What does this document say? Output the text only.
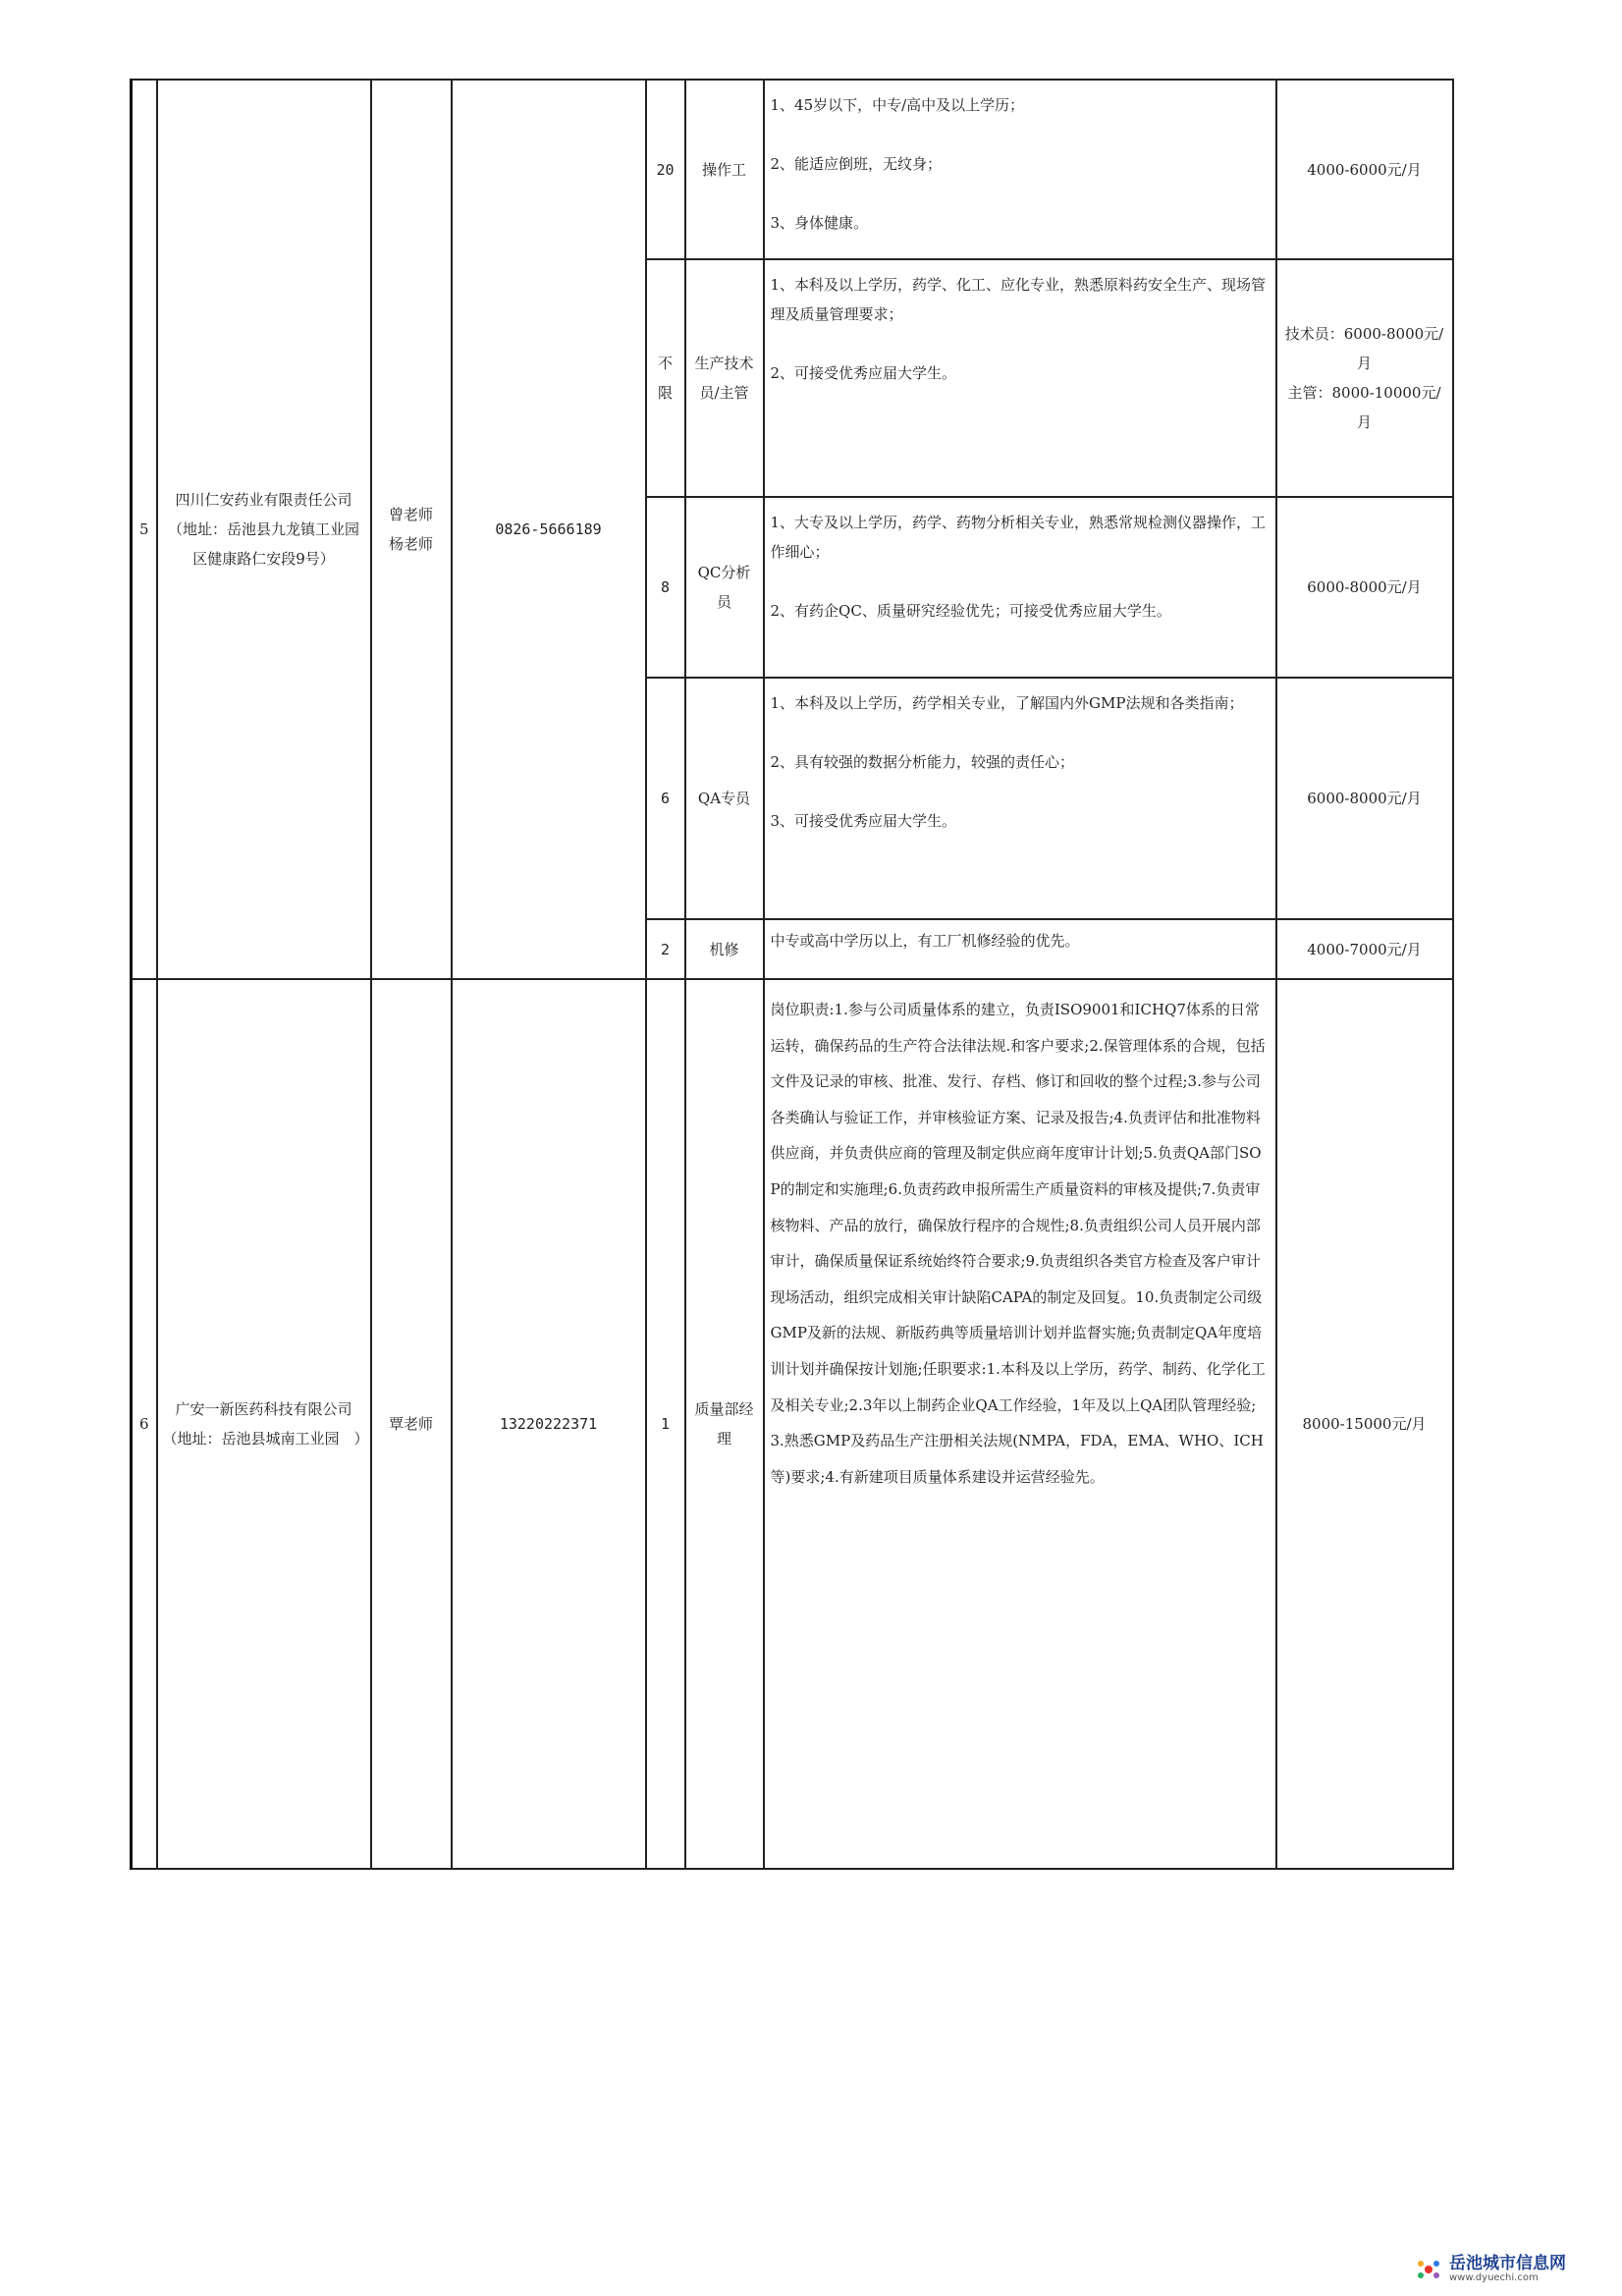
5	四川仁安药业有限责任公司
（地址：岳池县九龙镇工业园区健康路仁安段9号）	曾老师
杨老师	0826-5666189	20	操作工	1、45岁以下，中专/高中及以上学历；
2、能适应倒班，无纹身；
3、身体健康。	4000-6000元/月
				不限	生产技术员/主管	1、本科及以上学历，药学、化工、应化专业，熟悉原料药安全生产、现场管理及质量管理要求；
2、可接受优秀应届大学生。	技术员：6000-8000元/月
主管：8000-10000元/月

				8	QC分析员	1、大专及以上学历，药学、药物分析相关专业，熟悉常规检测仪器操作，工作细心；
2、有药企QC、质量研究经验优先；可接受优秀应届大学生。	6000-8000元/月
				6	QA专员	1、本科及以上学历，药学相关专业，了解国内外GMP法规和各类指南；
2、具有较强的数据分析能力，较强的责任心；
3、可接受优秀应届大学生。	6000-8000元/月
				2	机修	中专或高中学历以上，有工厂机修经验的优先。	4000-7000元/月
6	广安一新医药科技有限公司
（地址：岳池县城南工业园　）	覃老师	13220222371	1	质量部经理	岗位职责:1.参与公司质量体系的建立，负责ISO9001和ICHQ7体系的日常运转，确保药品的生产符合法律法规.和客户要求;2.保管理体系的合规，包括文件及记录的审核、批准、发行、存档、修订和回收的整个过程;3.参与公司各类确认与验证工作，并审核验证方案、记录及报告;4.负责评估和批准物料供应商，并负责供应商的管理及制定供应商年度审计计划;5.负责QA部门SOP的制定和实施理;6.负责药政申报所需生产质量资料的审核及提供;7.负责审核物料、产品的放行，确保放行程序的合规性;8.负责组织公司人员开展内部审计，确保质量保证系统始终符合要求;9.负责组织各类官方检查及客户审计现场活动，组织完成相关审计缺陷CAPA的制定及回复。10.负责制定公司级GMP及新的法规、新版药典等质量培训计划并监督实施;负责制定QA年度培训计划并确保按计划施;任职要求:1.本科及以上学历，药学、制药、化学化工及相关专业;2.3年以上制药企业QA工作经验，1年及以上QA团队管理经验;3.熟悉GMP及药品生产注册相关法规(NMPA，FDA，EMA、WHO、ICH等)要求;4.有新建项目质量体系建设并运营经验先。	8000-15000元/月
岳池城市信息网
www.dyuechi.com
